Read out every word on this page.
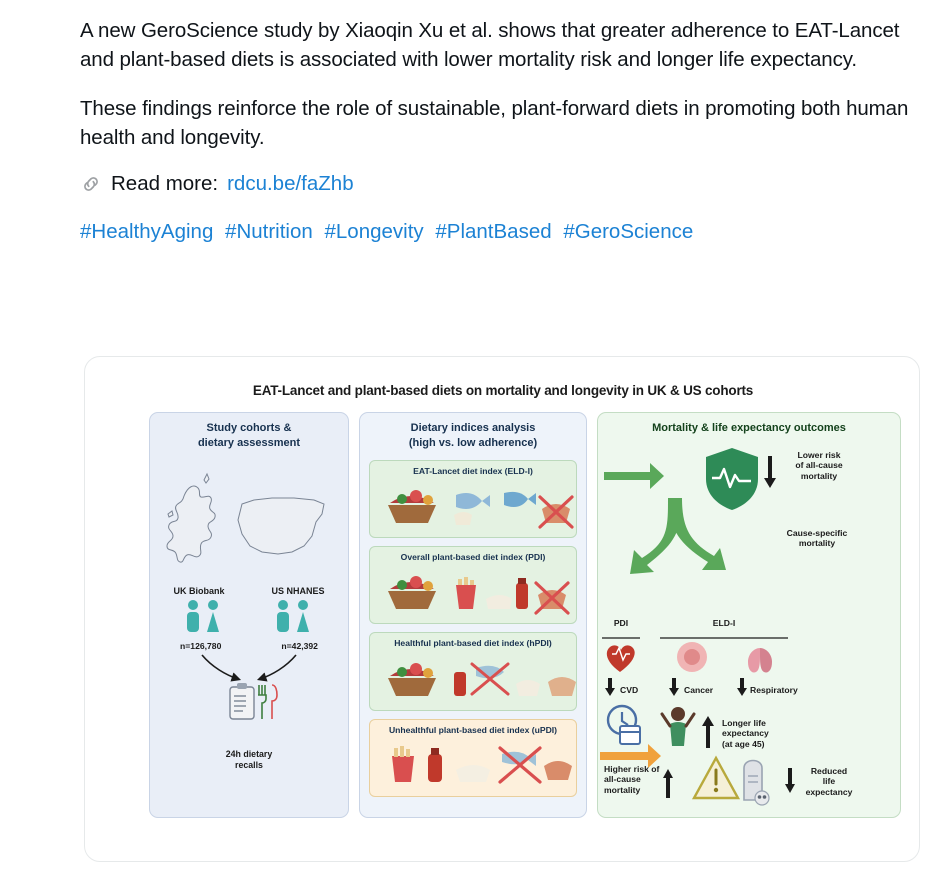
A new GeroScience study by Xiaoqin Xu et al. shows that greater adherence to EAT-Lancet and plant-based diets is associated with lower mortality risk and longer life expectancy.

These findings reinforce the role of sustainable, plant-forward diets in promoting both human health and longevity.

Read more: rdcu.be/faZhb
#HealthyAging #Nutrition #Longevity #PlantBased #GeroScience
EAT-Lancet and plant-based diets on mortality and longevity in UK & US cohorts
Study cohorts &
dietary assessment
UK Biobank	US NHANES
n=126,780	n=42,392
24h dietary
recalls
Dietary indices analysis
(high vs. low adherence)
EAT-Lancet diet index (ELD-I)
Overall plant-based diet index (PDI)
Healthful plant-based diet index (hPDI)
Unhealthful plant-based diet index (uPDI)
Mortality & life expectancy outcomes
Lower risk
of all-cause
mortality
Cause-specific
mortality
PDI	ELD-I
CVD	Cancer	Respiratory
Longer life
expectancy
(at age 45)
Higher risk of
all-cause
mortality
Reduced
life
expectancy
